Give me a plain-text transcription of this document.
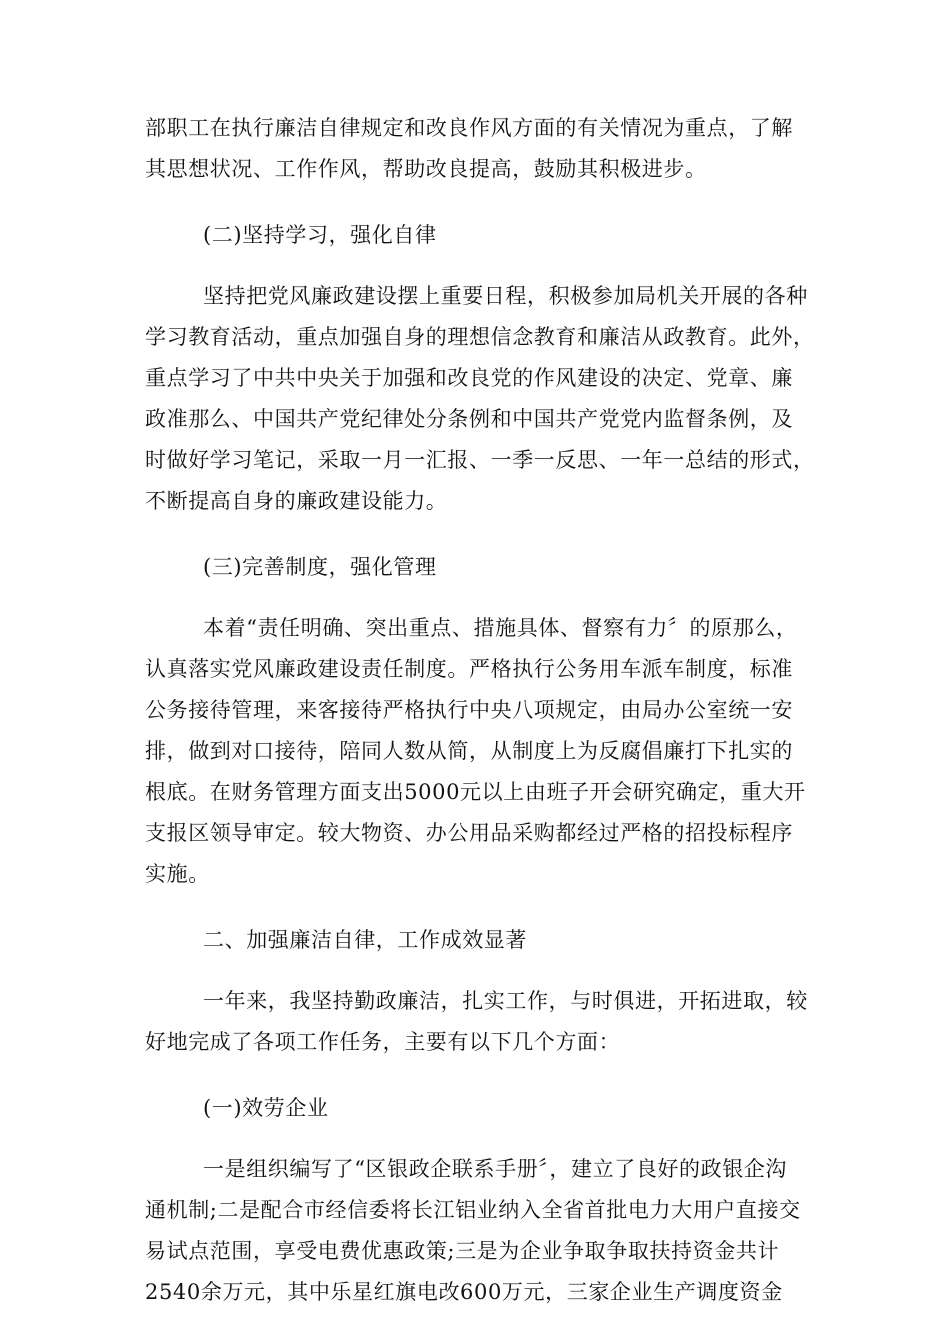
部职工在执行廉洁自律规定和改良作风方面的有关情况为重点，了解
其思想状况、工作作风，帮助改良提高，鼓励其积极进步。
(二)坚持学习，强化自律
坚持把党风廉政建设摆上重要日程，积极参加局机关开展的各种
学习教育活动，重点加强自身的理想信念教育和廉洁从政教育。此外，
重点学习了中共中央关于加强和改良党的作风建设的决定、党章、廉
政准那么、中国共产党纪律处分条例和中国共产党党内监督条例，及
时做好学习笔记，采取一月一汇报、一季一反思、一年一总结的形式，
不断提高自身的廉政建设能力。
(三)完善制度，强化管理
本着“责任明确、突出重点、措施具体、督察有力〞的原那么，
认真落实党风廉政建设责任制度。严格执行公务用车派车制度，标准
公务接待管理，来客接待严格执行中央八项规定，由局办公室统一安
排，做到对口接待，陪同人数从简，从制度上为反腐倡廉打下扎实的
根底。在财务管理方面支出5000元以上由班子开会研究确定，重大开
支报区领导审定。较大物资、办公用品采购都经过严格的招投标程序
实施。
二、加强廉洁自律，工作成效显著
一年来，我坚持勤政廉洁，扎实工作，与时俱进，开拓进取，较
好地完成了各项工作任务，主要有以下几个方面：
(一)效劳企业
一是组织编写了“区银政企联系手册〞，建立了良好的政银企沟
通机制;二是配合市经信委将长江铝业纳入全省首批电力大用户直接交
易试点范围，享受电费优惠政策;三是为企业争取争取扶持资金共计
2540余万元，其中乐星红旗电改600万元，三家企业生产调度资金
